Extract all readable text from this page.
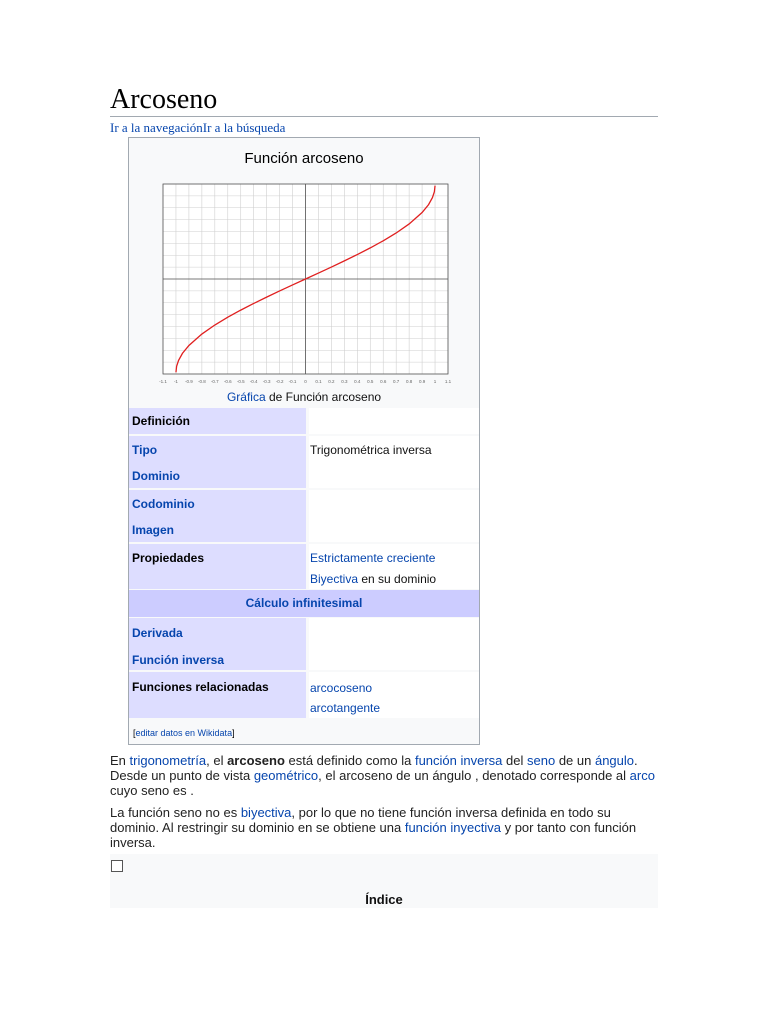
Arcoseno
Ir a la navegaciónIr a la búsqueda
Función arcoseno
-1.1 -1 -0.9 -0.8 -0.7 -0.6 -0.5 -0.4 -0.3 -0.2 -0.1 0 0.1 0.2 0.3 0.4 0.5 0.6 0.7 0.8 0.9 1 1.1
Gráfica de Función arcoseno
Definición
Tipo
Dominio
Trigonométrica inversa
Codominio
Imagen
Propiedades	Estrictamente creciente
Biyectiva en su dominio
Cálculo infinitesimal
Derivada
Función inversa
Funciones relacionadas	arcocoseno
arcotangente
[editar datos en Wikidata]
En trigonometría, el arcoseno está definido como la función inversa del seno de un ángulo. Desde un punto de vista geométrico, el arcoseno de un ángulo , denotado corresponde al arco cuyo seno es .
La función seno no es biyectiva, por lo que no tiene función inversa definida en todo su dominio. Al restringir su dominio en se obtiene una función inyectiva y por tanto con función inversa.
Índice
